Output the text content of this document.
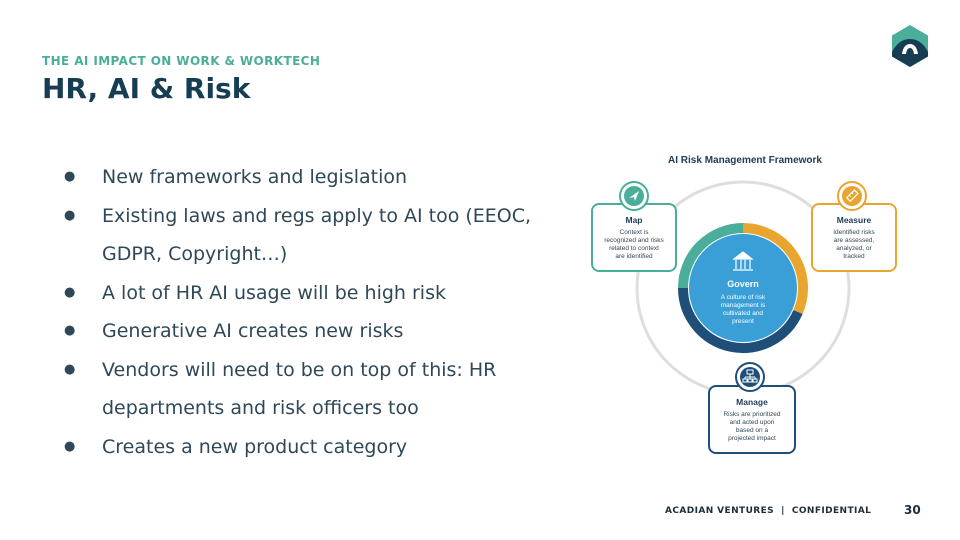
THE AI IMPACT ON WORK & WORKTECH
HR, AI & Risk
● New frameworks and legislation
● Existing laws and regs apply to AI too (EEOC, GDPR, Copyright…)
● A lot of HR AI usage will be high risk
● Generative AI creates new risks
● Vendors will need to be on top of this: HR departments and risk officers too
● Creates a new product category
AI Risk Management Framework
Govern
A culture of risk
management is
cultivated and
present
Map
Context is
recognized and risks
related to context
are identified
Measure
Identified risks
are assessed,
analyzed, or
tracked
Manage
Risks are prioritized
and acted upon
based on a
projected impact
ACADIAN VENTURES  |  CONFIDENTIAL	30
